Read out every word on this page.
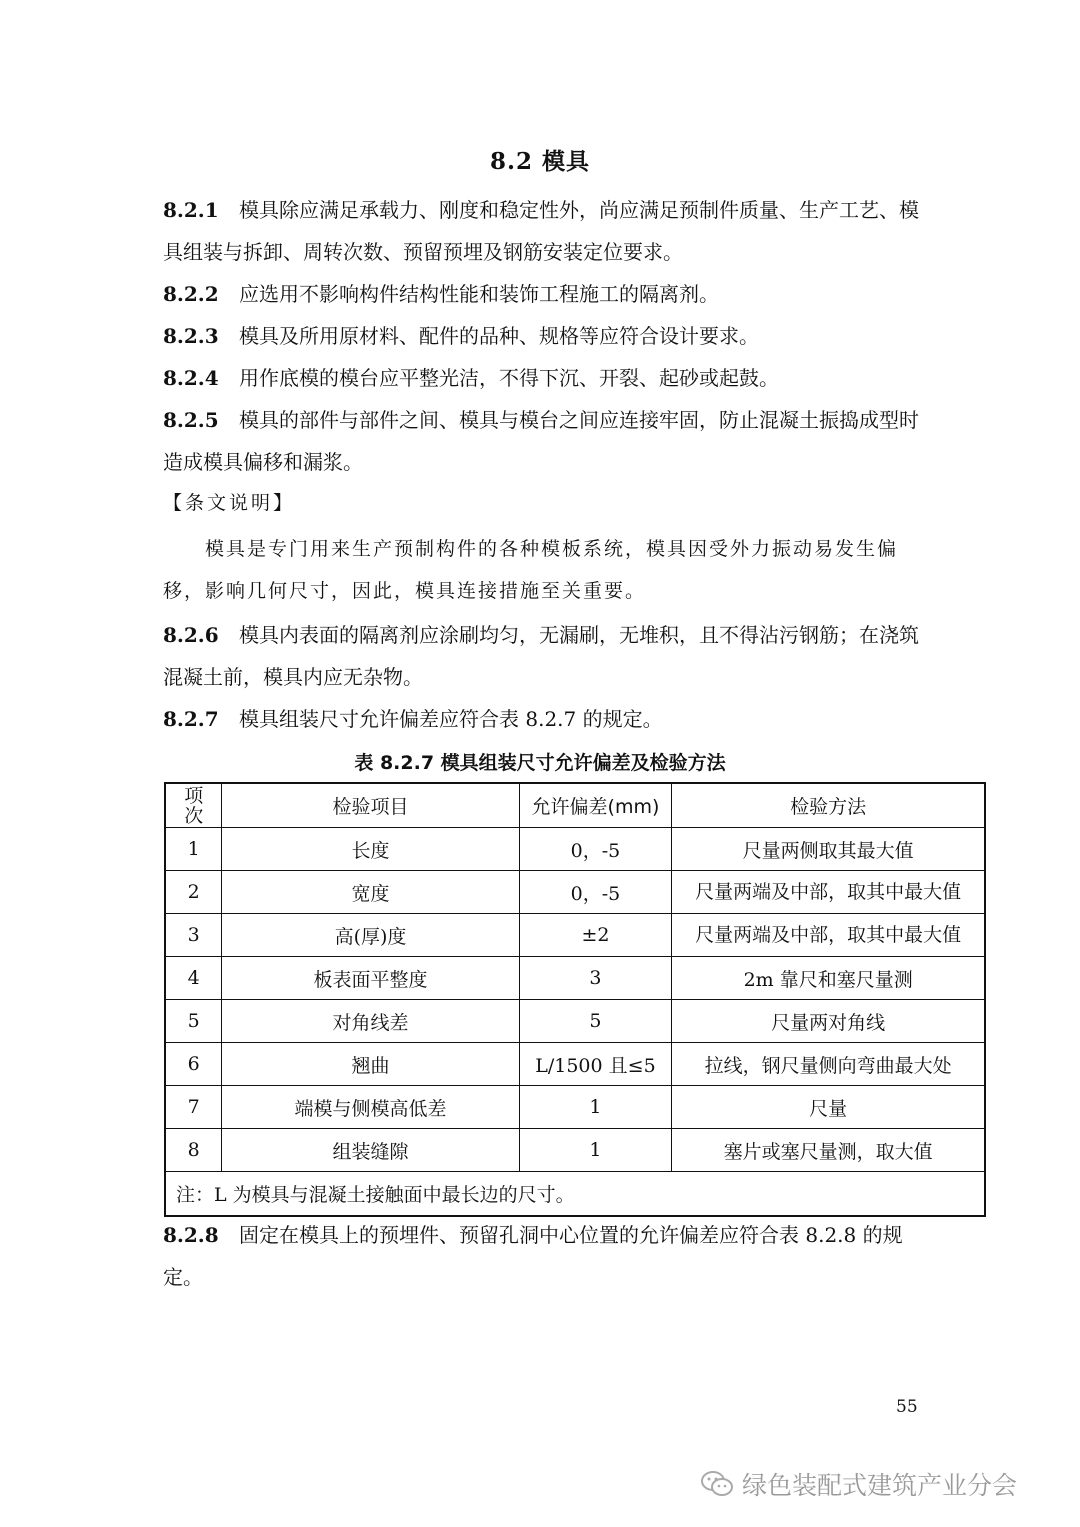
8.2 模具
8.2.1 模具除应满足承载力、刚度和稳定性外，尚应满足预制件质量、生产工艺、模具组装与拆卸、周转次数、预留预埋及钢筋安装定位要求。
8.2.2 应选用不影响构件结构性能和装饰工程施工的隔离剂。
8.2.3 模具及所用原材料、配件的品种、规格等应符合设计要求。
8.2.4 用作底模的模台应平整光洁，不得下沉、开裂、起砂或起鼓。
8.2.5 模具的部件与部件之间、模具与模台之间应连接牢固，防止混凝土振捣成型时造成模具偏移和漏浆。
【条文说明】
模具是专门用来生产预制构件的各种模板系统，模具因受外力振动易发生偏移，影响几何尺寸，因此，模具连接措施至关重要。
8.2.6 模具内表面的隔离剂应涂刷均匀，无漏刷，无堆积，且不得沾污钢筋；在浇筑混凝土前，模具内应无杂物。
8.2.7 模具组装尺寸允许偏差应符合表 8.2.7 的规定。
表 8.2.7 模具组装尺寸允许偏差及检验方法
项次	检验项目	允许偏差(mm)	检验方法
1	长度	0，-5	尺量两侧取其最大值
2	宽度	0，-5	尺量两端及中部，取其中最大值
3	高(厚)度	±2	尺量两端及中部，取其中最大值
4	板表面平整度	3	2m 靠尺和塞尺量测
5	对角线差	5	尺量两对角线
6	翘曲	L/1500 且≤5	拉线，钢尺量侧向弯曲最大处
7	端模与侧模高低差	1	尺量
8	组装缝隙	1	塞片或塞尺量测，取大值
注：L 为模具与混凝土接触面中最长边的尺寸。			
8.2.8 固定在模具上的预埋件、预留孔洞中心位置的允许偏差应符合表 8.2.8 的规定。
55
绿色装配式建筑产业分会
